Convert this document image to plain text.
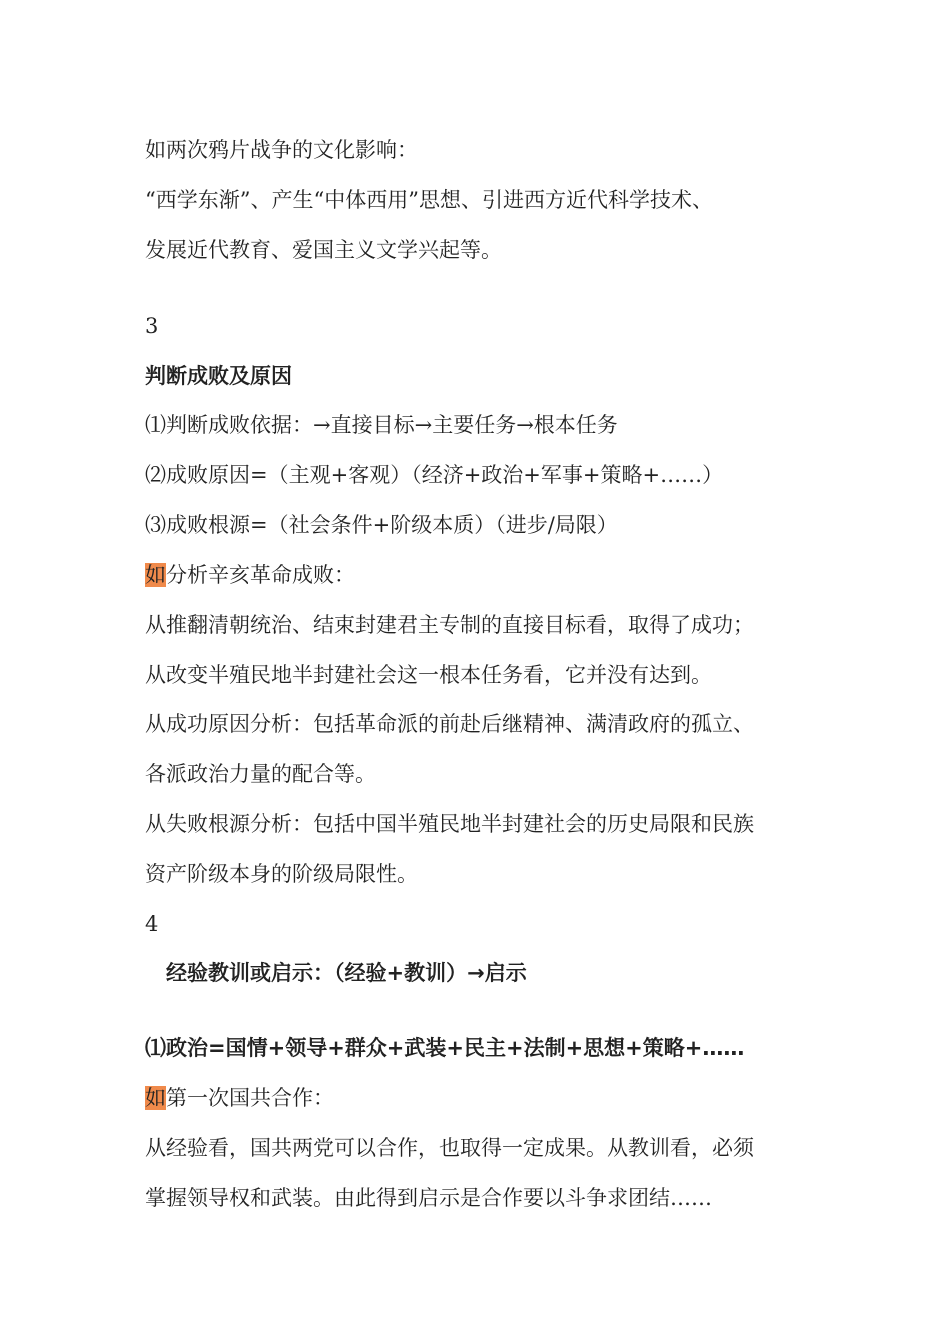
如两次鸦片战争的文化影响：
“西学东渐”、产生“中体西用”思想、引进西方近代科学技术、
发展近代教育、爱国主义文学兴起等。
3
判断成败及原因
⑴判断成败依据：→直接目标→主要任务→根本任务
⑵成败原因=（主观+客观）（经济+政治+军事+策略+……）
⑶成败根源=（社会条件+阶级本质）（进步/局限）
如分析辛亥革命成败：
从推翻清朝统治、结束封建君主专制的直接目标看，取得了成功；
从改变半殖民地半封建社会这一根本任务看，它并没有达到。
从成功原因分析：包括革命派的前赴后继精神、满清政府的孤立、
各派政治力量的配合等。
从失败根源分析：包括中国半殖民地半封建社会的历史局限和民族
资产阶级本身的阶级局限性。
4
经验教训或启示：（经验+教训）→启示
⑴政治=国情+领导+群众+武装+民主+法制+思想+策略+……
如第一次国共合作：
从经验看，国共两党可以合作，也取得一定成果。从教训看，必须
掌握领导权和武装。由此得到启示是合作要以斗争求团结……
